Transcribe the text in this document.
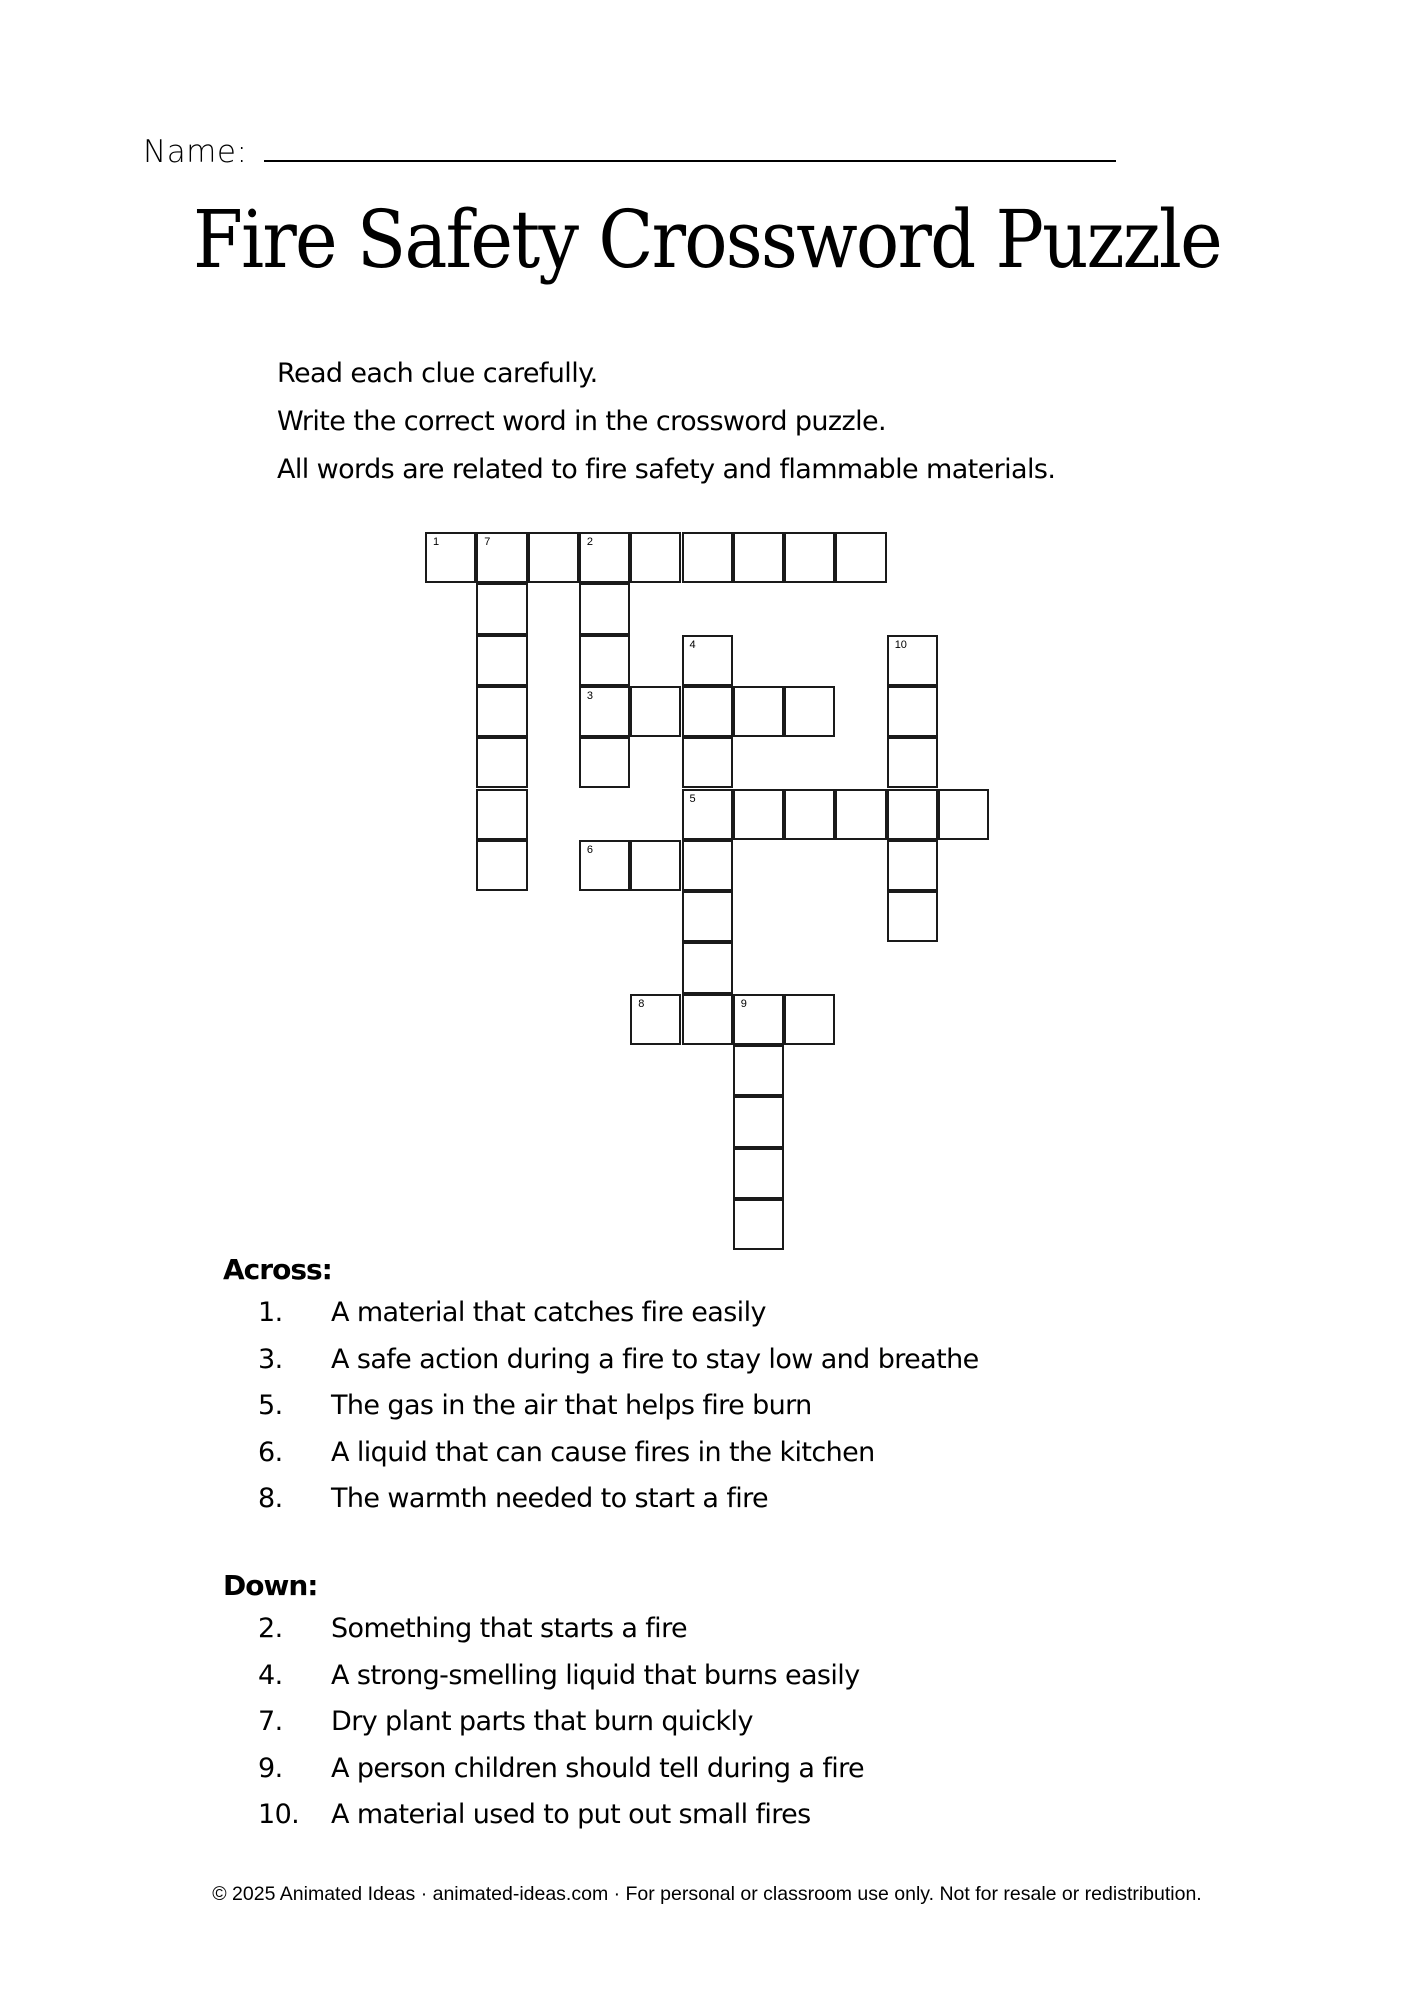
Name:
Fire Safety Crossword Puzzle
Read each clue carefully.
Write the correct word in the crossword puzzle.
All words are related to fire safety and flammable materials.
1	7	2
3
5
6
8	9
4	10
Across:
1.	A material that catches fire easily
3.	A safe action during a fire to stay low and breathe
5.	The gas in the air that helps fire burn
6.	A liquid that can cause fires in the kitchen
8.	The warmth needed to start a fire
Down:
2.	Something that starts a fire
4.	A strong-smelling liquid that burns easily
7.	Dry plant parts that burn quickly
9.	A person children should tell during a fire
10.	A material used to put out small fires
© 2025 Animated Ideas · animated-ideas.com · For personal or classroom use only. Not for resale or redistribution.
